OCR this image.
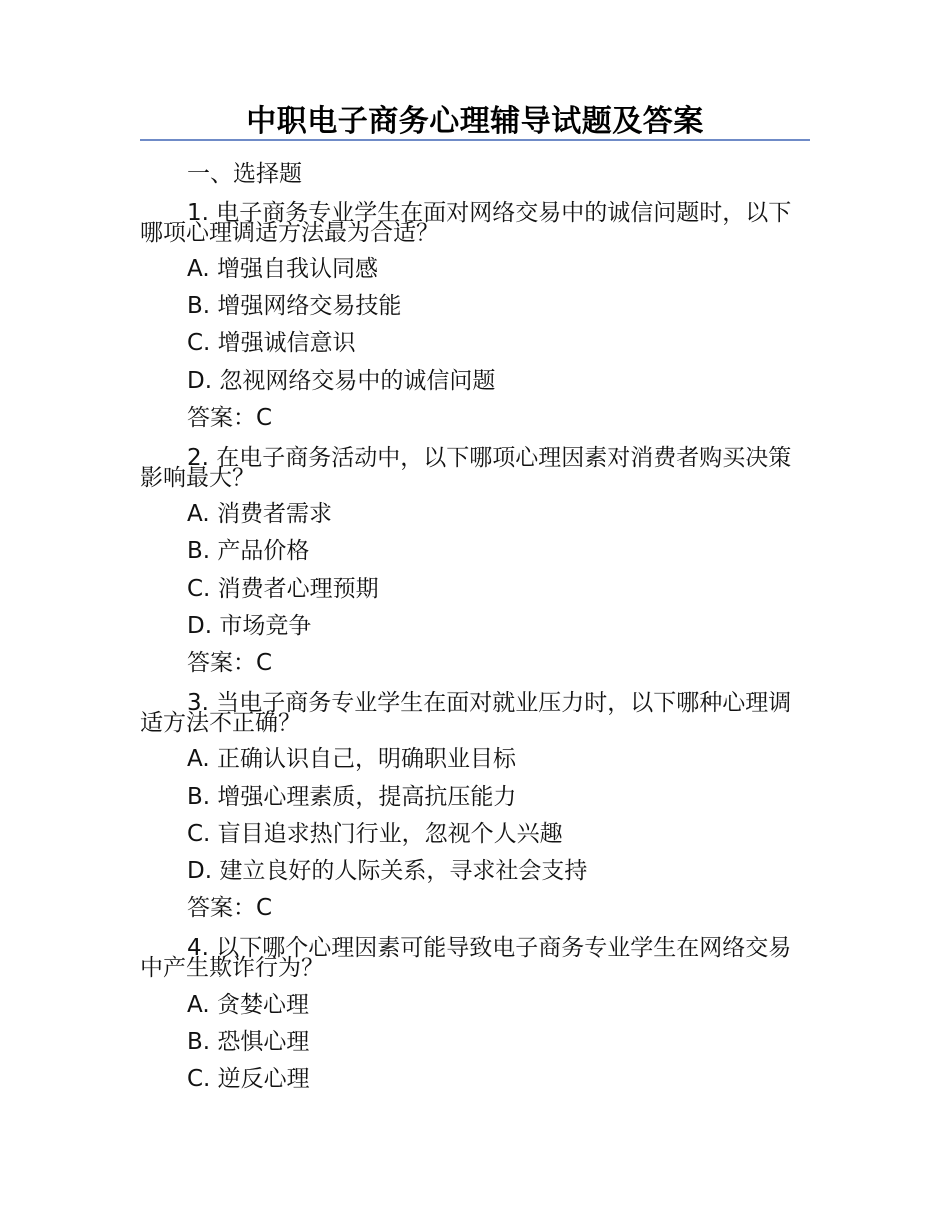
中职电子商务心理辅导试题及答案
一、选择题
1. 电子商务专业学生在面对网络交易中的诚信问题时，以下哪项心理调适方法最为合适？
A. 增强自我认同感
B. 增强网络交易技能
C. 增强诚信意识
D. 忽视网络交易中的诚信问题
答案：C
2. 在电子商务活动中，以下哪项心理因素对消费者购买决策影响最大？
A. 消费者需求
B. 产品价格
C. 消费者心理预期
D. 市场竞争
答案：C
3. 当电子商务专业学生在面对就业压力时，以下哪种心理调适方法不正确？
A. 正确认识自己，明确职业目标
B. 增强心理素质，提高抗压能力
C. 盲目追求热门行业，忽视个人兴趣
D. 建立良好的人际关系，寻求社会支持
答案：C
4. 以下哪个心理因素可能导致电子商务专业学生在网络交易中产生欺诈行为？
A. 贪婪心理
B. 恐惧心理
C. 逆反心理
